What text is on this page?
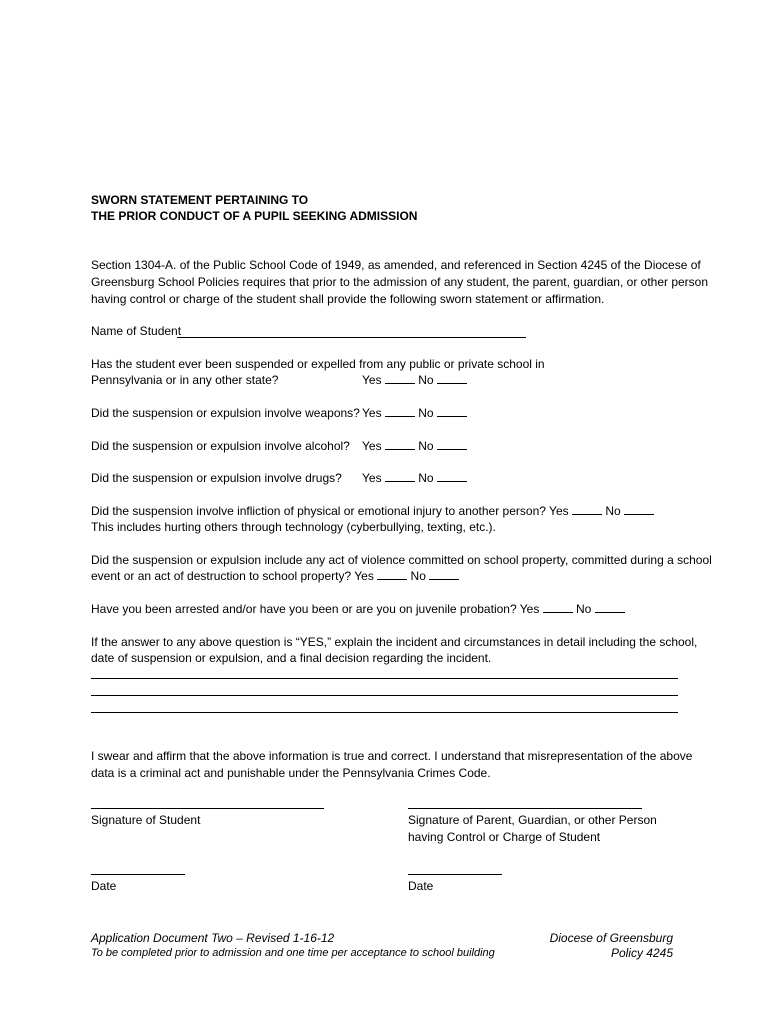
SWORN STATEMENT PERTAINING TO
THE PRIOR CONDUCT OF A PUPIL SEEKING ADMISSION
Section 1304-A. of the Public School Code of 1949, as amended, and referenced in Section 4245 of the Diocese of
Greensburg School Policies requires that prior to the admission of any student, the parent, guardian, or other person
having control or charge of the student shall provide the following sworn statement or affirmation.
Name of Student
Has the student ever been suspended or expelled from any public or private school in
Pennsylvania or in any other state?	Yes	No
Did the suspension or expulsion involve weapons? Yes	No
Did the suspension or expulsion involve alcohol? Yes	No
Did the suspension or expulsion involve drugs? Yes	No
Did the suspension involve infliction of physical or emotional injury to another person? Yes	No
This includes hurting others through technology (cyberbullying, texting, etc.).
Did the suspension or expulsion include any act of violence committed on school property, committed during a school
event or an act of destruction to school property? Yes	No
Have you been arrested and/or have you been or are you on juvenile probation? Yes	No
If the answer to any above question is “YES,” explain the incident and circumstances in detail including the school,
date of suspension or expulsion, and a final decision regarding the incident.
I swear and affirm that the above information is true and correct. I understand that misrepresentation of the above
data is a criminal act and punishable under the Pennsylvania Crimes Code.
Signature of Student	Signature of Parent, Guardian, or other Person
having Control or Charge of Student
Date	Date
Application Document Two – Revised 1-16-12
To be completed prior to admission and one time per acceptance to school building
Diocese of Greensburg
Policy 4245
